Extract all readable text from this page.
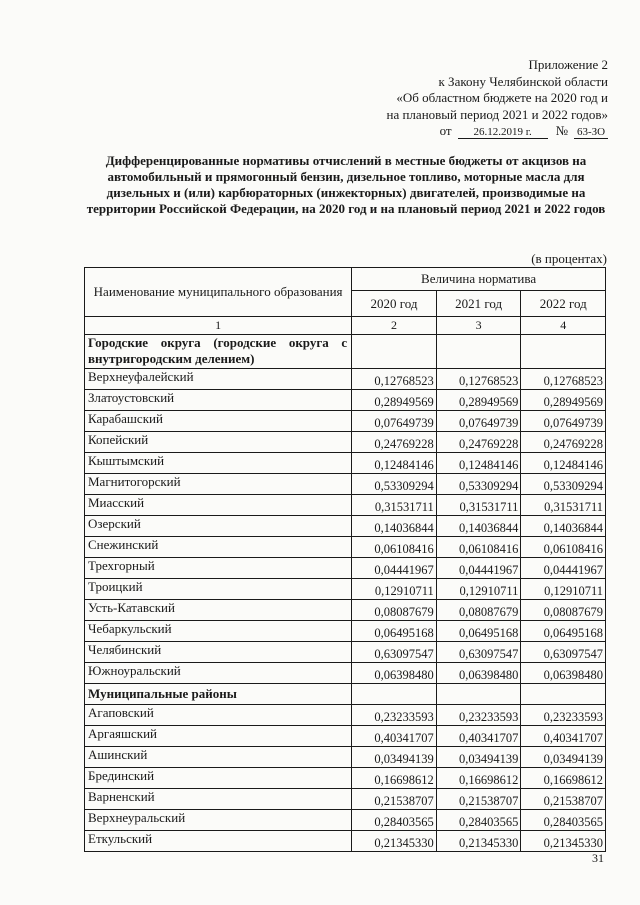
Приложение 2
к Закону Челябинской области
«Об областном бюджете на 2020 год и
на плановый период 2021 и 2022 годов»
от 26.12.2019 г. № 63-ЗО
Дифференцированные нормативы отчислений в местные бюджеты от акцизов на автомобильный и прямогонный бензин, дизельное топливо, моторные масла для дизельных и (или) карбюраторных (инжекторных) двигателей, производимые на территории Российской Федерации, на 2020 год и на плановый период 2021 и 2022 годов
(в процентах)
Наименование муниципального образования	Величина норматива		
	2020 год	2021 год	2022 год
1	2	3	4
Городские округа (городские округа с внутригородским делением)			
Верхнеуфалейский	0,12768523	0,12768523	0,12768523
Златоустовский	0,28949569	0,28949569	0,28949569
Карабашский	0,07649739	0,07649739	0,07649739
Копейский	0,24769228	0,24769228	0,24769228
Кыштымский	0,12484146	0,12484146	0,12484146
Магнитогорский	0,53309294	0,53309294	0,53309294
Миасский	0,31531711	0,31531711	0,31531711
Озерский	0,14036844	0,14036844	0,14036844
Снежинский	0,06108416	0,06108416	0,06108416
Трехгорный	0,04441967	0,04441967	0,04441967
Троицкий	0,12910711	0,12910711	0,12910711
Усть-Катавский	0,08087679	0,08087679	0,08087679
Чебаркульский	0,06495168	0,06495168	0,06495168
Челябинский	0,63097547	0,63097547	0,63097547
Южноуральский	0,06398480	0,06398480	0,06398480
Муниципальные районы			
Агаповский	0,23233593	0,23233593	0,23233593
Аргаяшский	0,40341707	0,40341707	0,40341707
Ашинский	0,03494139	0,03494139	0,03494139
Брединский	0,16698612	0,16698612	0,16698612
Варненский	0,21538707	0,21538707	0,21538707
Верхнеуральский	0,28403565	0,28403565	0,28403565
Еткульский	0,21345330	0,21345330	0,21345330
31
